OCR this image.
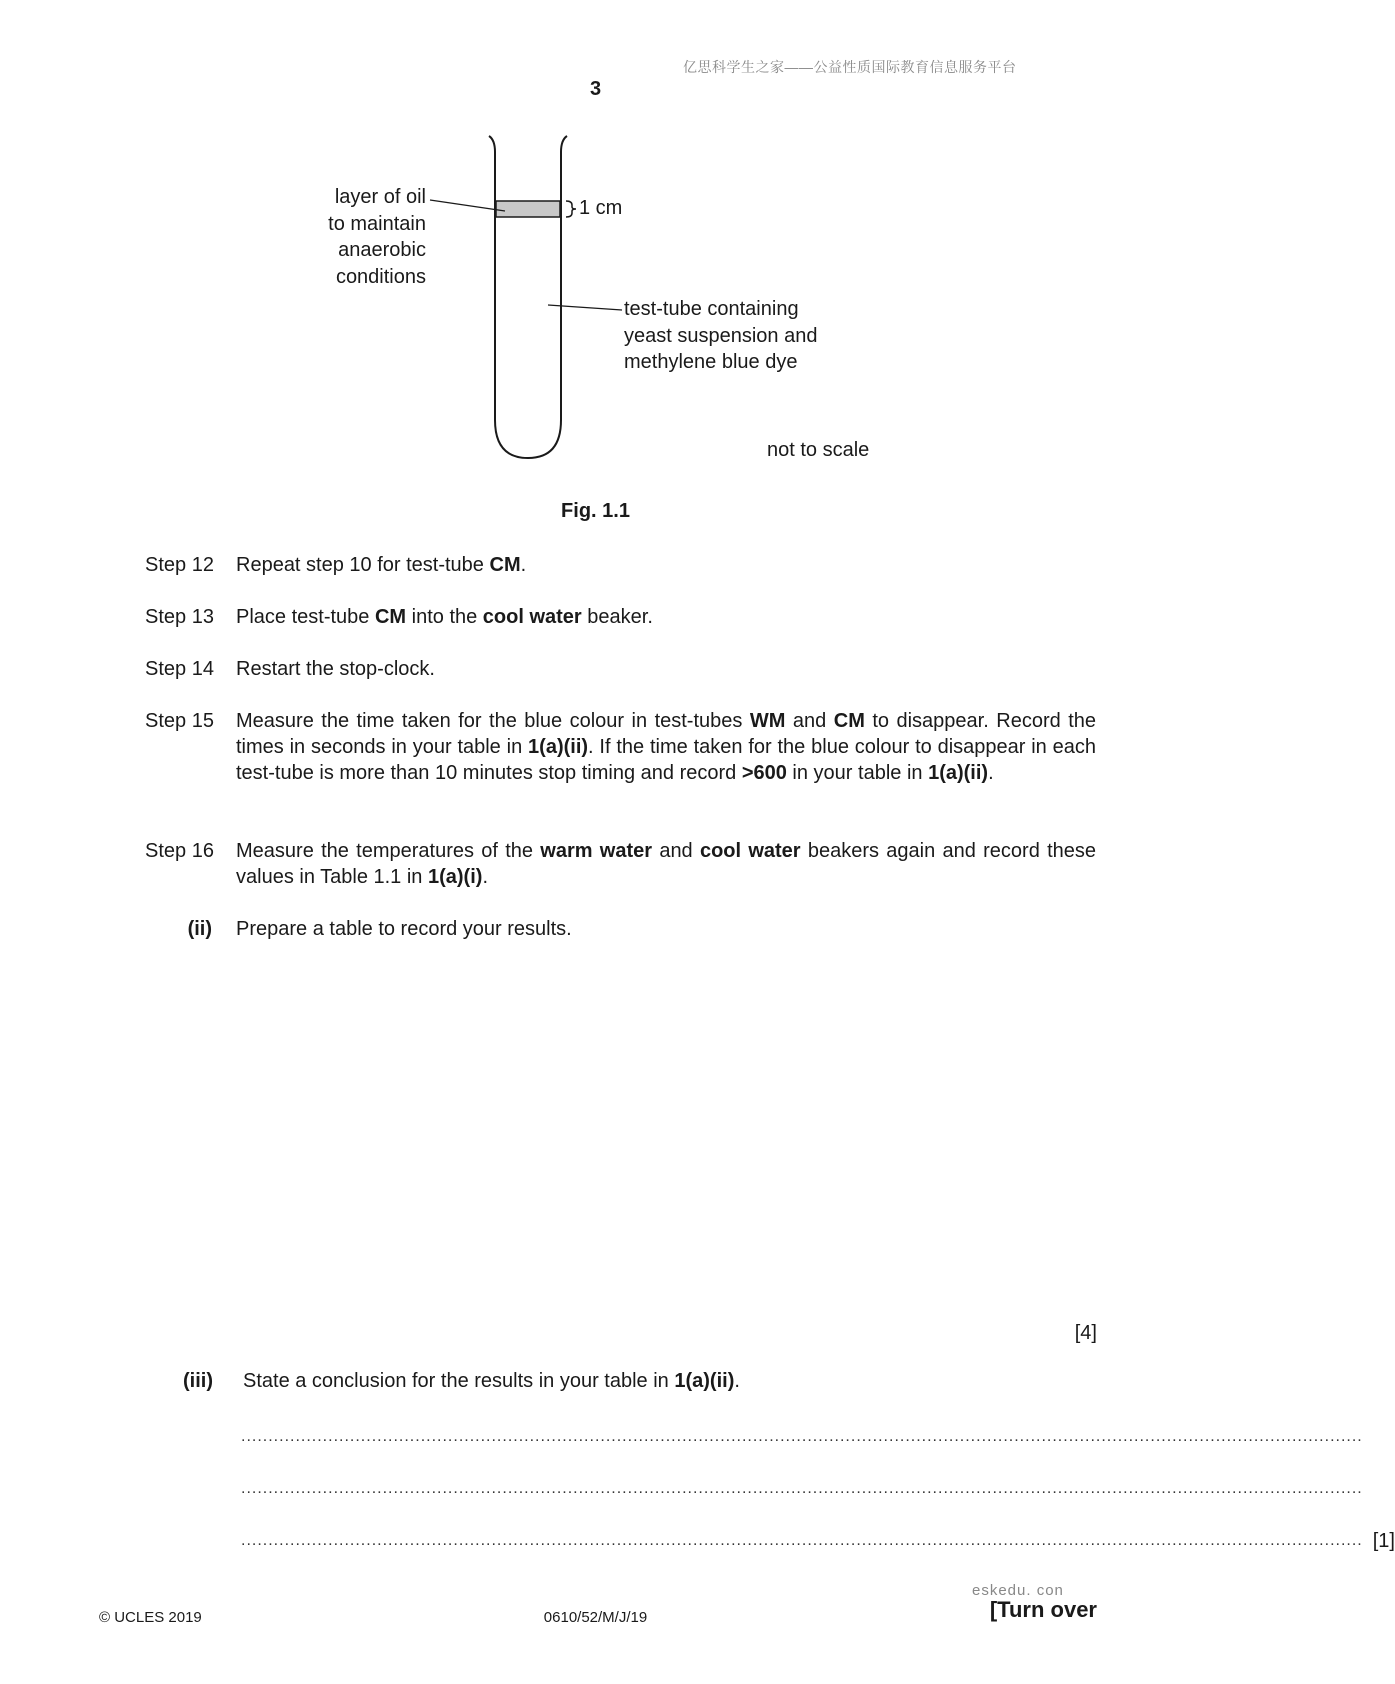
亿思科学生之家——公益性质国际教育信息服务平台
3
layer of oil
to maintain
anaerobic
conditions
1 cm
test-tube containing
yeast suspension and
methylene blue dye
not to scale
Fig. 1.1
Step 12	Repeat step 10 for test-tube CM.
Step 13	Place test-tube CM into the cool water beaker.
Step 14	Restart the stop-clock.
Step 15	Measure the time taken for the blue colour in test-tubes WM and CM to disappear. Record the times in seconds in your table in 1(a)(ii). If the time taken for the blue colour to disappear in each test-tube is more than 10 minutes stop timing and record >600 in your table in 1(a)(ii).
Step 16	Measure the temperatures of the warm water and cool water beakers again and record these values in Table 1.1 in 1(a)(i).
(ii) Prepare a table to record your results.
[4]
(iii) State a conclusion for the results in your table in 1(a)(ii).
..............................................................................................................................................................................................................
..............................................................................................................................................................................................................
.............................................................................................................................................................................................................. [1]
eskedu. con
© UCLES 2019	0610/52/M/J/19	[Turn over
